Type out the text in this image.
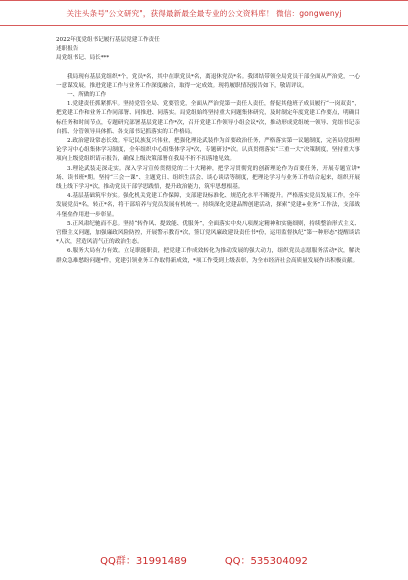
关注头条号"公文研究"，获得最新最全最专业的公文资料库！ 微信：gongwenyj

2022年度党组书记履行基层党建工作责任

述职报告

局党组书记、局长***

我局现有基层党组织*个，党员*名，其中在职党员*名，离退休党员*名。我团结带领全局党员干部全面从严治党，一心一意谋发展，推进党建工作与业务工作深度融合，取得一定成效。现将履职情况报告如下，敬请评议。

一、所做的工作

1.党建责任抓紧抓牢。坚持党管全局、党要管党，全面从严治党第一责任人责任，督促其他班子成员履行“一岗双责”，把党建工作和业务工作同部署、同推进、同落实。局党组始终坚持重大问题集体研究，及时制定年度党建工作要点，明确目标任务和时间节点，专题研究部署基层党建工作*次，召开党建工作领导小组会议*次，推动形成党组统一领导、党组书记亲自抓、分管领导具体抓、各支部书记抓落实的工作格局。

2.政治建设常态长效。牢记民族复兴伟业，把强化理论武装作为首要政治任务，严格落实第一议题制度，完善局党组理论学习中心组集体学习制度，全年组织中心组集体学习*次，专题研讨*次。认真贯彻落实“三重一大”决策制度，坚持重大事项向上级党组织请示报告，确保上级决策部署在我局不折不扣落地见效。

3.理论武装走深走实。深入学习宣传贯彻党的二十大精神，把学习贯彻党的创新理论作为首要任务，开展专题宣讲*场、读书班*期。坚持“三会一课”、主题党日、组织生活会、谈心谈话等制度，把理论学习与业务工作结合起来，组织开展线上线下学习*次，推动党员干部学思践悟，提升政治能力，筑牢思想根基。

4.基层基础筑牢夯实。强化机关党建工作保障，支部建设标准化、规范化水平不断提升。严格落实党员发展工作，全年发展党员*名，转正*名，将干部培养与党员发展有机统一。持续深化党建品牌创建活动，探索“党建+业务”工作法，支部战斗堡垒作用进一步彰显。

5.正风肃纪驰而不息。坚持“转作风、提效能、优服务”，全面落实中央八项规定精神和实施细则，持续整治形式主义、官僚主义问题，加强廉政风险防控，开展警示教育*次，签订党风廉政建设责任书*份，运用监督执纪“第一种形态”提醒谈话*人次，营造风清气正的政治生态。

6.服务大局有力有效。立足职能职责，把党建工作成效转化为推动发展的强大动力，组织党员志愿服务活动*次，解决群众急难愁盼问题*件，党建引领业务工作取得新成效，*项工作受到上级表彰，为全市经济社会高质量发展作出积极贡献。

QQ群：31991489	QQ：535304092
